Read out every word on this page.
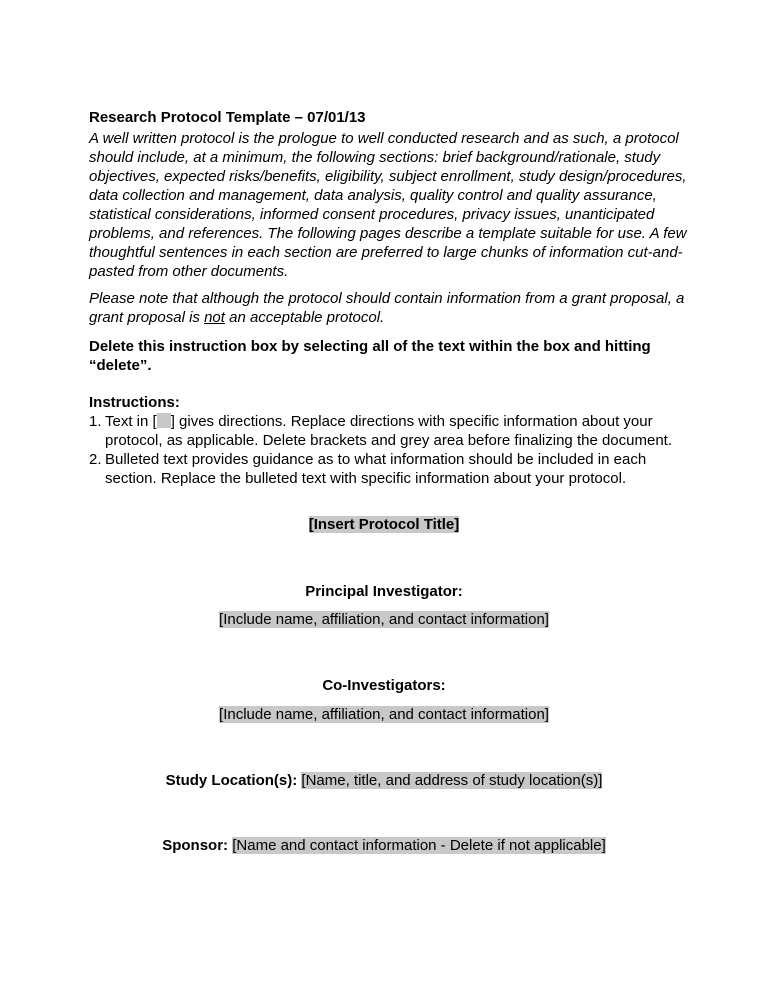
Research Protocol Template – 07/01/13

A well written protocol is the prologue to well conducted research and as such, a protocol should include, at a minimum, the following sections: brief background/rationale, study objectives, expected risks/benefits, eligibility, subject enrollment, study design/procedures, data collection and management, data analysis, quality control and quality assurance, statistical considerations, informed consent procedures, privacy issues, unanticipated problems, and references. The following pages describe a template suitable for use. A few thoughtful sentences in each section are preferred to large chunks of information cut-and-pasted from other documents.

Please note that although the protocol should contain information from a grant proposal, a grant proposal is not an acceptable protocol.

Delete this instruction box by selecting all of the text within the box and hitting “delete”.

Instructions:

1. Text in [ ] gives directions. Replace directions with specific information about your protocol, as applicable. Delete brackets and grey area before finalizing the document.
2. Bulleted text provides guidance as to what information should be included in each section. Replace the bulleted text with specific information about your protocol.
[Insert Protocol Title]
Principal Investigator:
[Include name, affiliation, and contact information]
Co-Investigators:
[Include name, affiliation, and contact information]
Study Location(s): [Name, title, and address of study location(s)]
Sponsor: [Name and contact information - Delete if not applicable]
